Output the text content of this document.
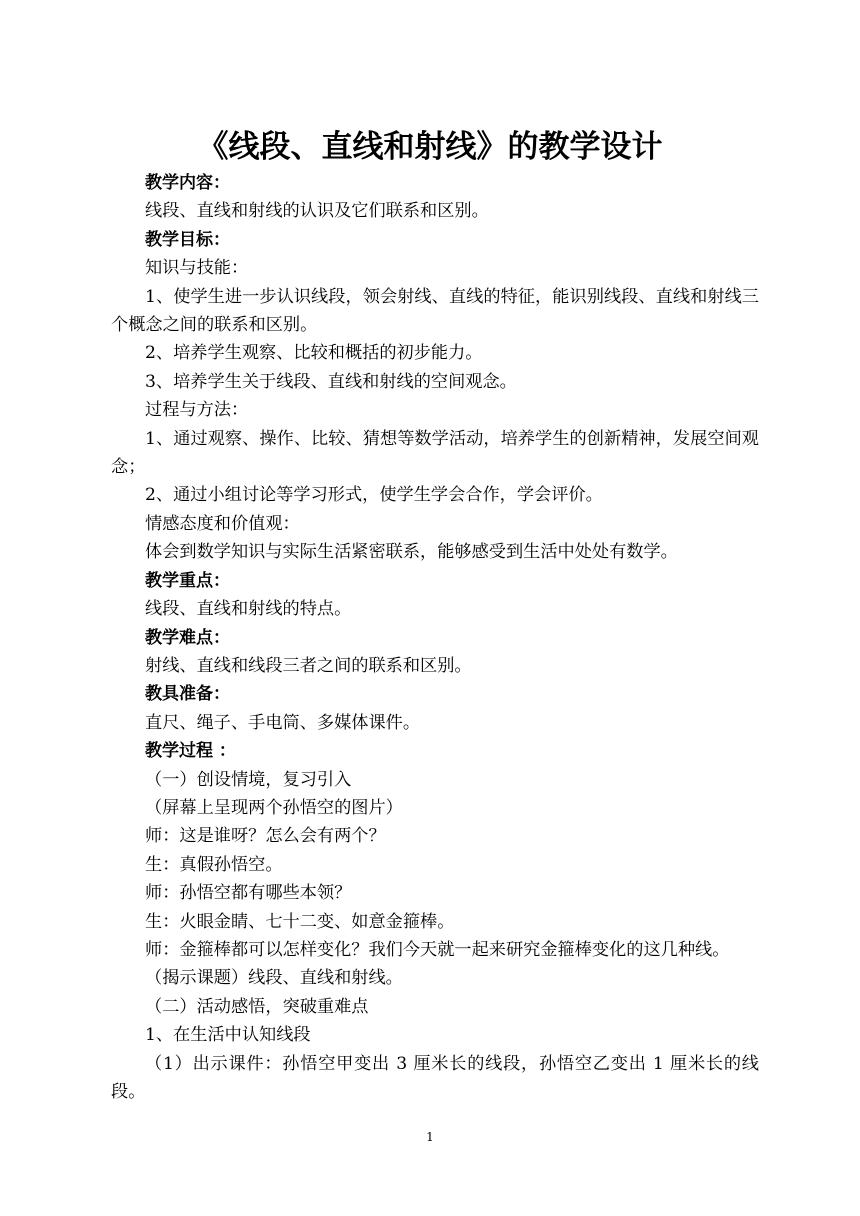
《线段、直线和射线》的教学设计

教学内容：

线段、直线和射线的认识及它们联系和区别。

教学目标：

知识与技能：

1、使学生进一步认识线段，领会射线、直线的特征，能识别线段、直线和射线三个概念之间的联系和区别。

2、培养学生观察、比较和概括的初步能力。

3、培养学生关于线段、直线和射线的空间观念。

过程与方法：

1、通过观察、操作、比较、猜想等数学活动，培养学生的创新精神，发展空间观念；

2、通过小组讨论等学习形式，使学生学会合作，学会评价。

情感态度和价值观：

体会到数学知识与实际生活紧密联系，能够感受到生活中处处有数学。

教学重点：

线段、直线和射线的特点。

教学难点：

射线、直线和线段三者之间的联系和区别。

教具准备：

直尺、绳子、手电筒、多媒体课件。

教学过程 ：

（一）创设情境，复习引入

（屏幕上呈现两个孙悟空的图片）

师：这是谁呀？怎么会有两个？

生：真假孙悟空。

师：孙悟空都有哪些本领？

生：火眼金睛、七十二变、如意金箍棒。

师：金箍棒都可以怎样变化？我们今天就一起来研究金箍棒变化的这几种线。

（揭示课题）线段、直线和射线。

（二）活动感悟，突破重难点

1、在生活中认知线段

（1）出示课件：孙悟空甲变出 3 厘米长的线段，孙悟空乙变出 1 厘米长的线段。

1
